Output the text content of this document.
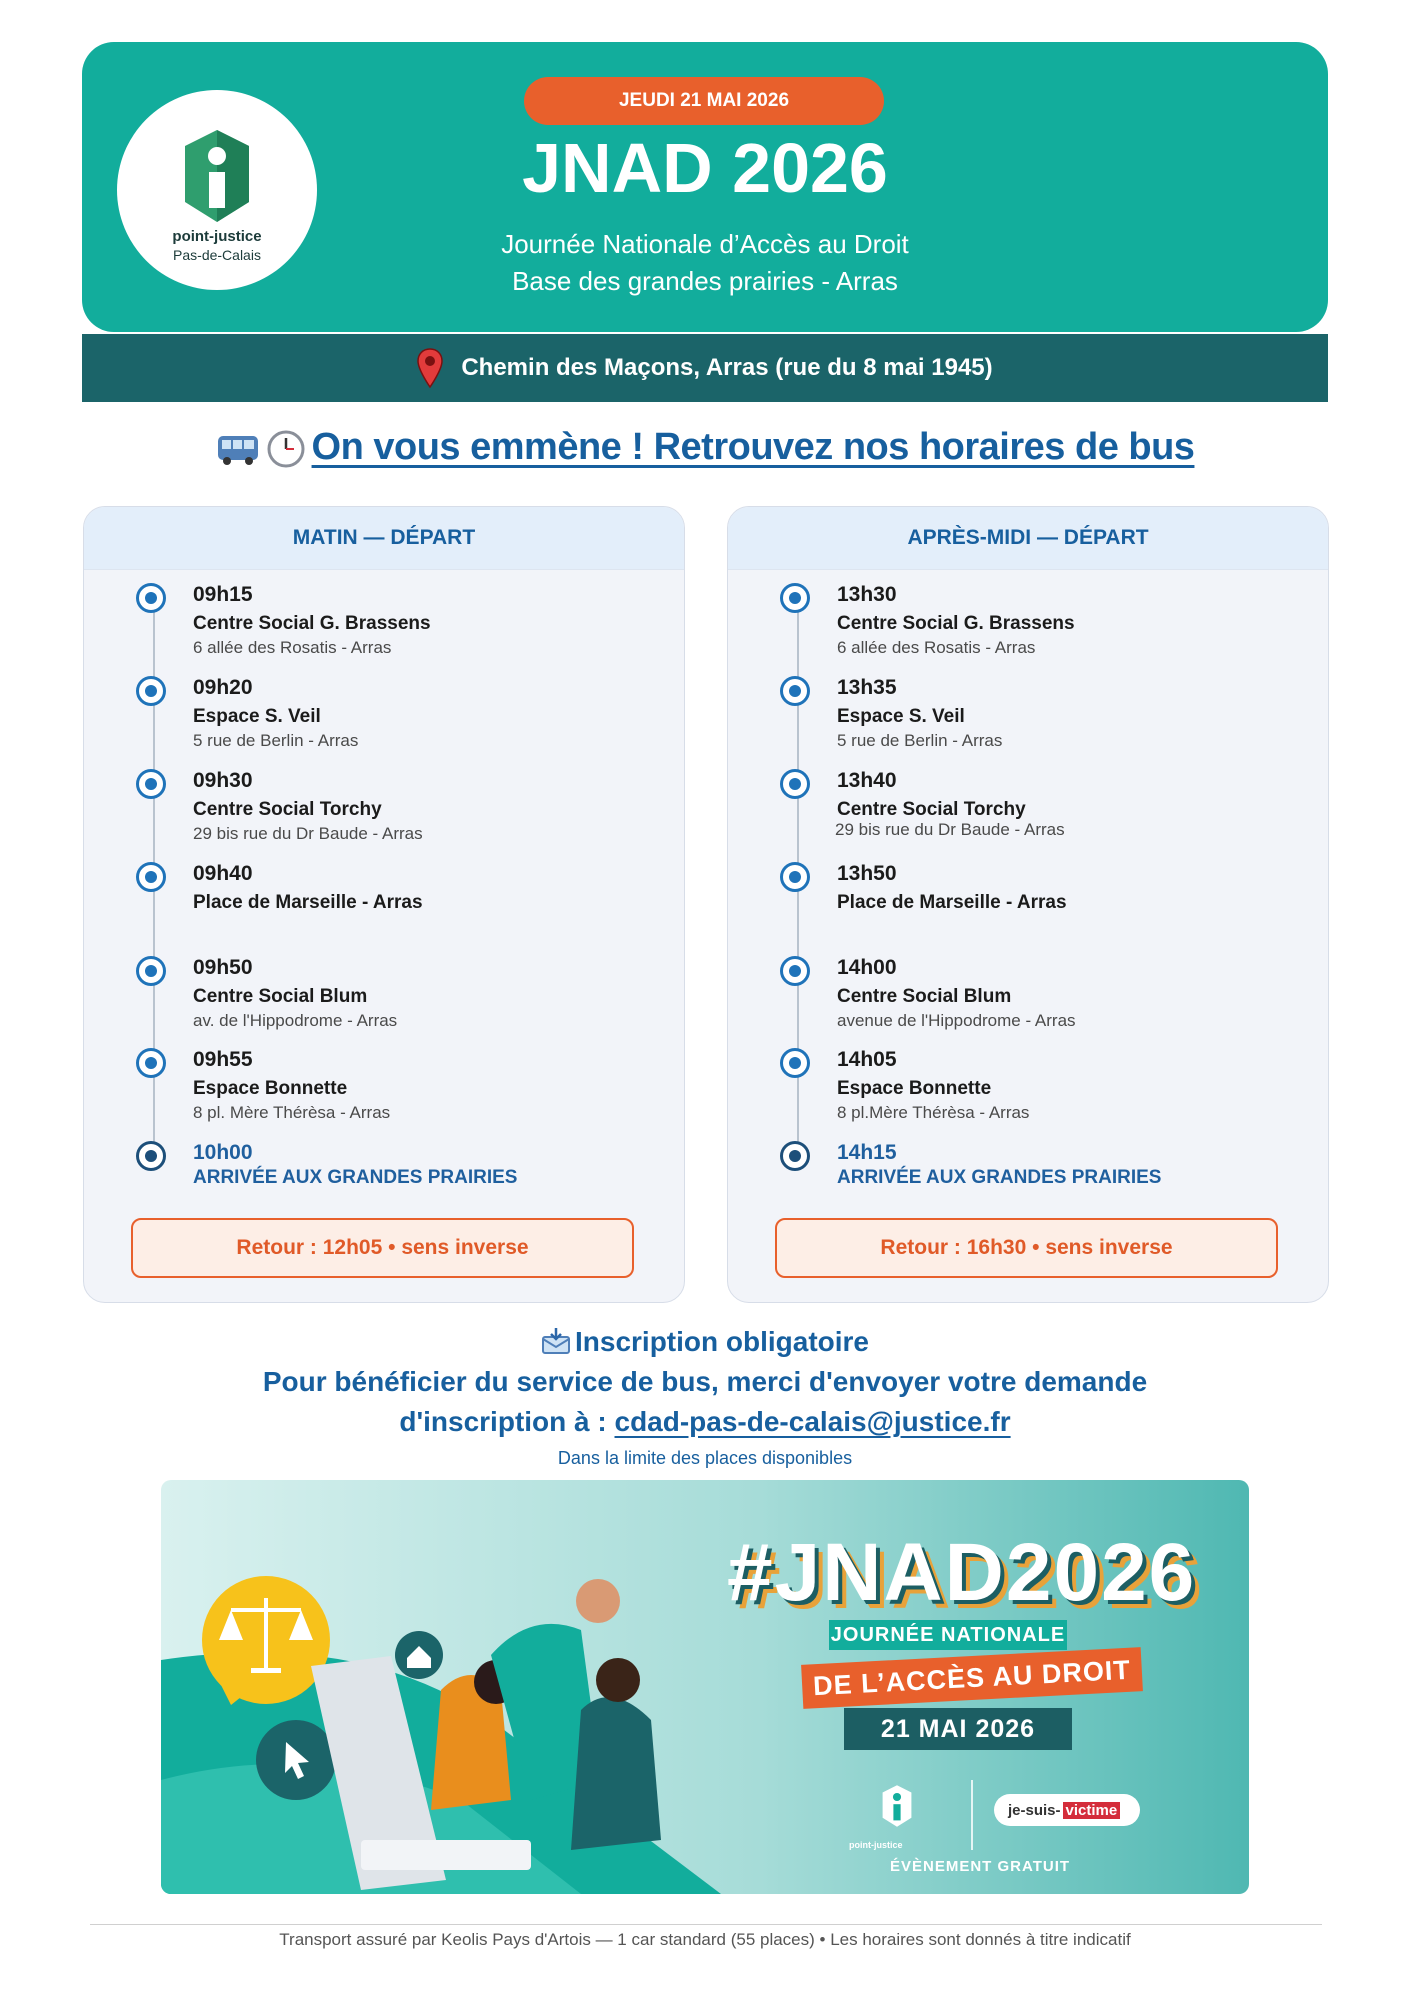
point-justice
Pas-de-Calais
JEUDI 21 MAI 2026
JNAD 2026
Journée Nationale d’Accès au Droit
Base des grandes prairies - Arras
Chemin des Maçons, Arras (rue du 8 mai 1945)
On vous emmène ! Retrouvez nos horaires de bus
MATIN — DÉPART
09h15
Centre Social G. Brassens
6 allée des Rosatis - Arras
09h20
Espace S. Veil
5 rue de Berlin - Arras
09h30
Centre Social Torchy
29 bis rue du Dr Baude - Arras
09h40
Place de Marseille - Arras
09h50
Centre Social Blum
av. de l'Hippodrome - Arras
09h55
Espace Bonnette
8 pl. Mère Thérèsa - Arras
10h00
ARRIVÉE AUX GRANDES PRAIRIES
Retour : 12h05 • sens inverse
APRÈS-MIDI — DÉPART
13h30
Centre Social G. Brassens
6 allée des Rosatis - Arras
13h35
Espace S. Veil
5 rue de Berlin - Arras
13h40
Centre Social Torchy
29 bis rue du Dr Baude - Arras
13h50
Place de Marseille - Arras
14h00
Centre Social Blum
avenue de l'Hippodrome - Arras
14h05
Espace Bonnette
8 pl.Mère Thérèsa - Arras
14h15
ARRIVÉE AUX GRANDES PRAIRIES
Retour : 16h30 • sens inverse
Inscription obligatoire
Pour bénéficier du service de bus, merci d'envoyer votre demande
d'inscription à : cdad-pas-de-calais@justice.fr
Dans la limite des places disponibles
#JNAD2026
JOURNÉE NATIONALE
DE L’ACCÈS AU DROIT
21 MAI 2026
point-justice
je-suis- victime
ÉVÈNEMENT GRATUIT
Transport assuré par Keolis Pays d'Artois — 1 car standard (55 places) • Les horaires sont donnés à titre indicatif
